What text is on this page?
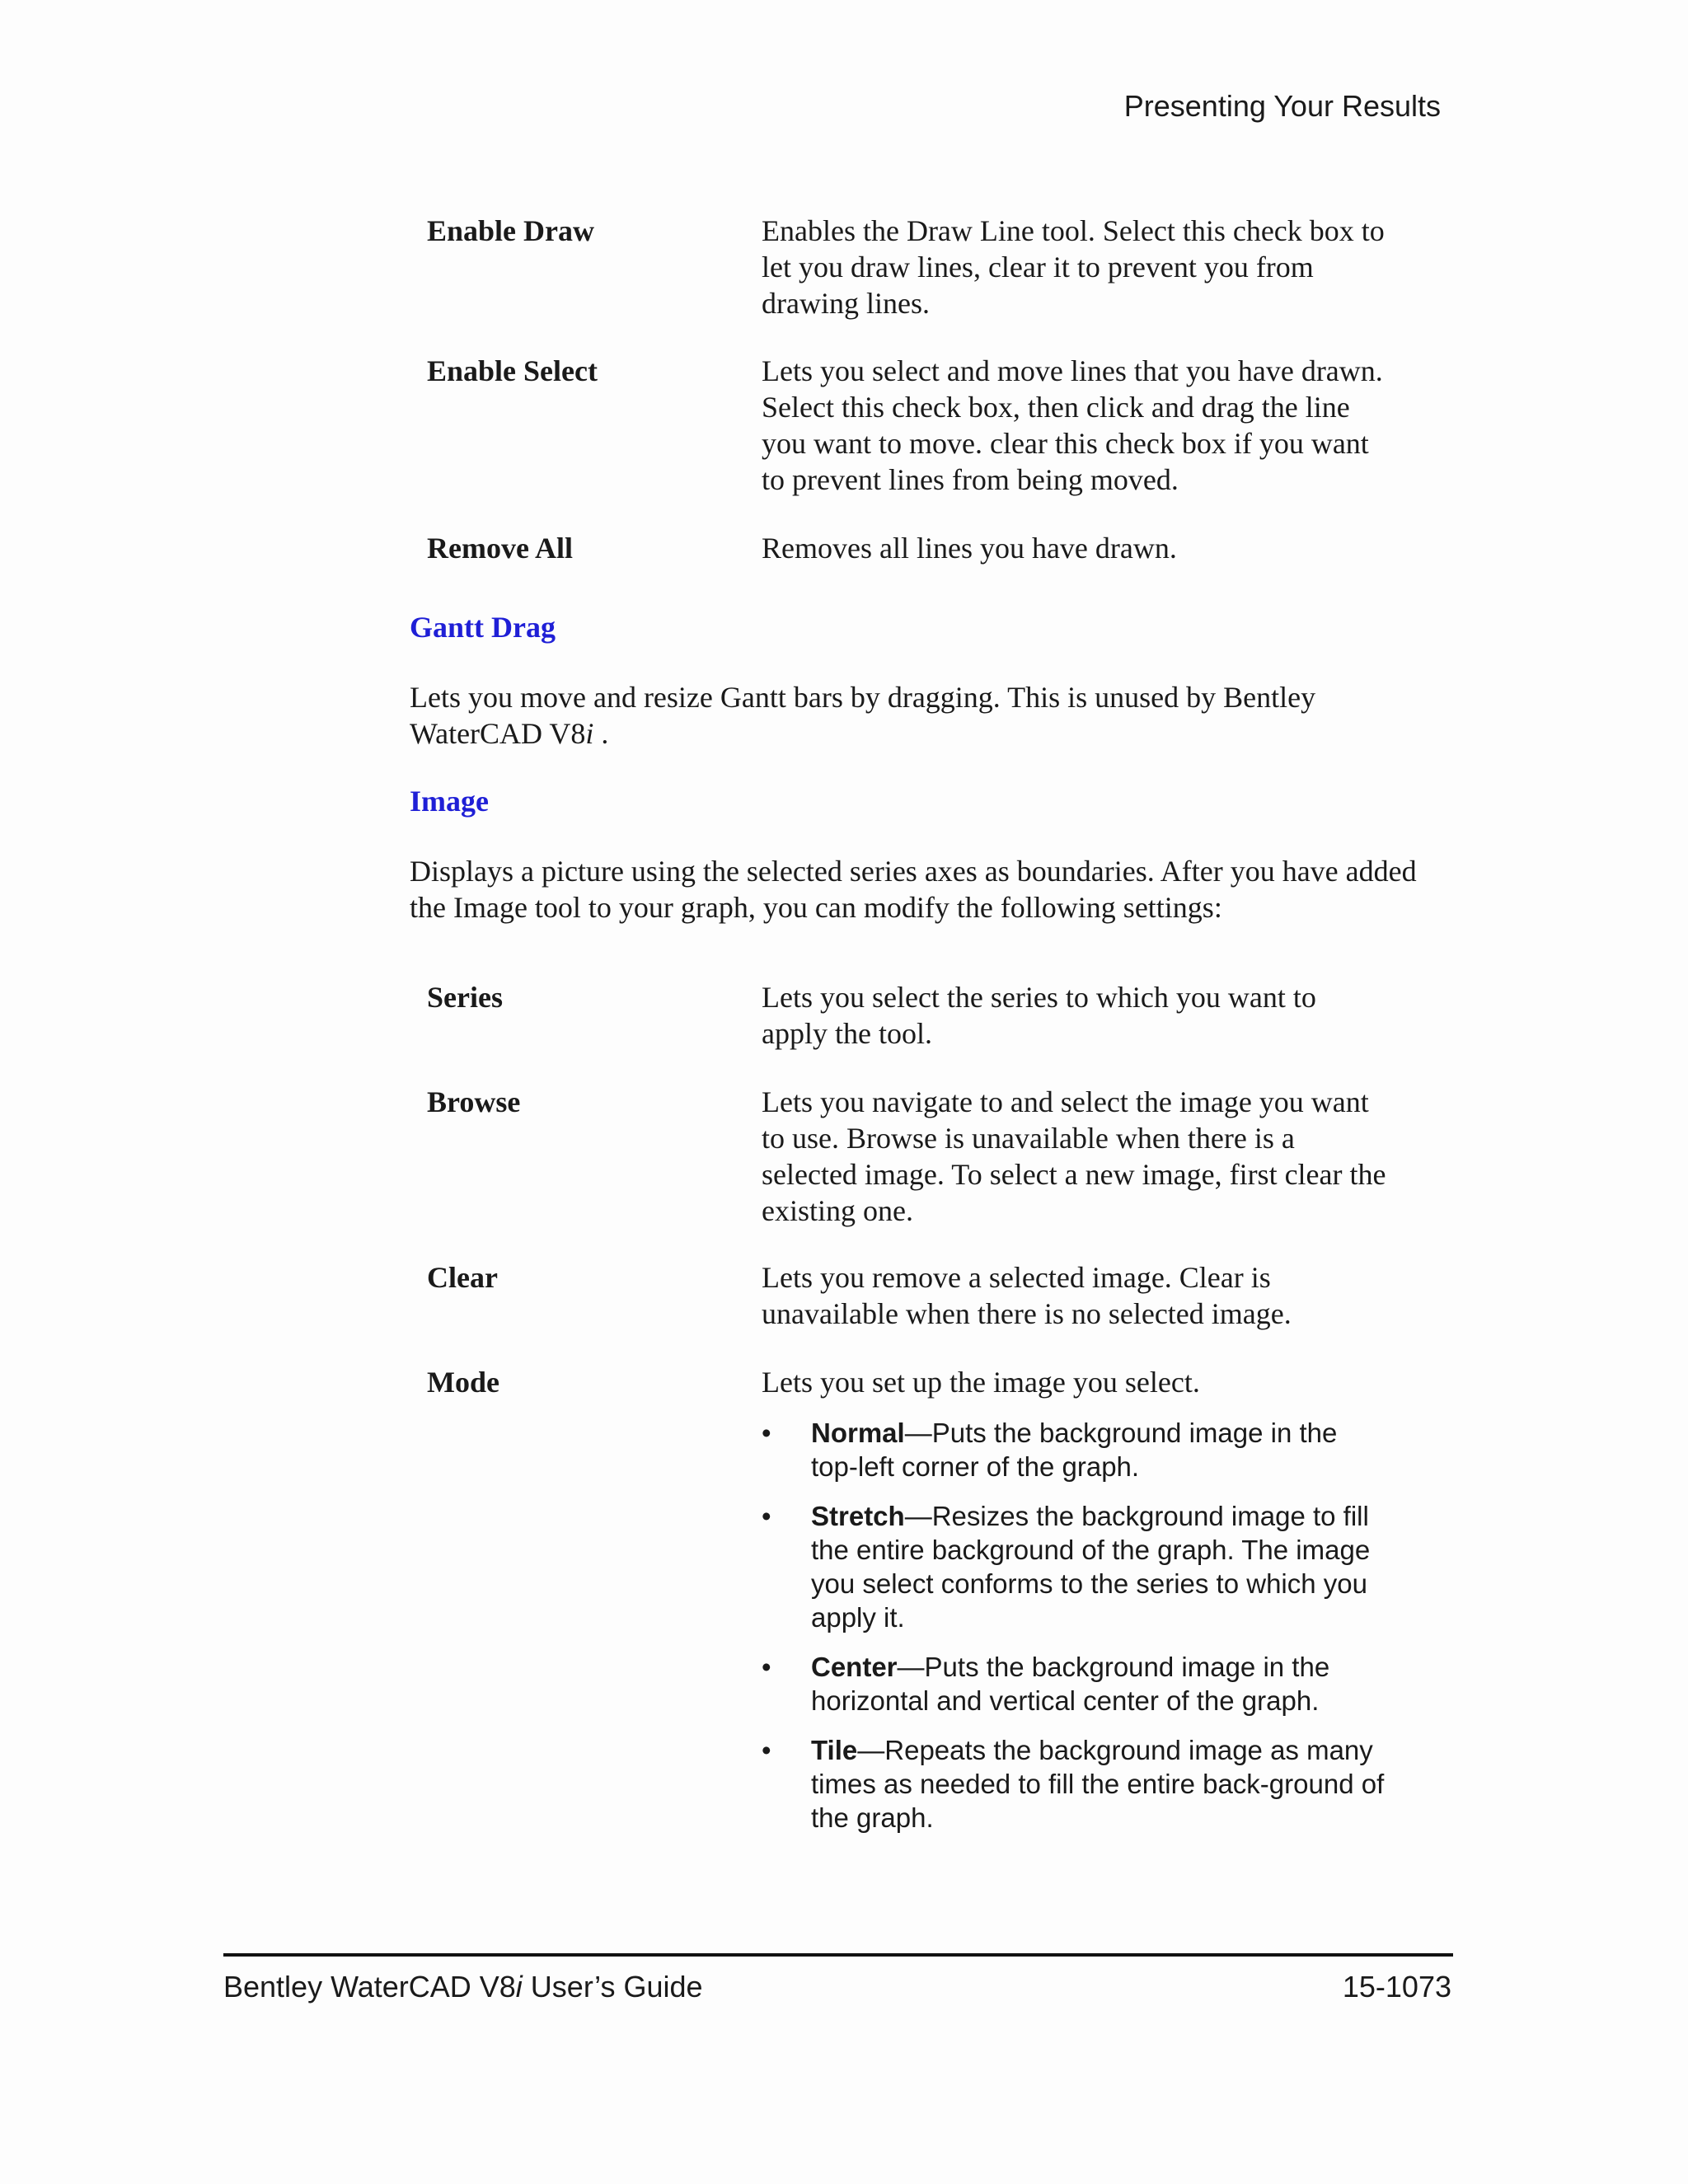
Presenting Your Results
Enable Draw	Enables the Draw Line tool. Select this check box to let you draw lines, clear it to prevent you from drawing lines.
Enable Select	Lets you select and move lines that you have drawn. Select this check box, then click and drag the line you want to move. clear this check box if you want to prevent lines from being moved.
Remove All	Removes all lines you have drawn.
Gantt Drag
Lets you move and resize Gantt bars by dragging. This is unused by Bentley WaterCAD V8i .
Image
Displays a picture using the selected series axes as boundaries. After you have added the Image tool to your graph, you can modify the following settings:
Series	Lets you select the series to which you want to apply the tool.
Browse	Lets you navigate to and select the image you want to use. Browse is unavailable when there is a selected image. To select a new image, first clear the existing one.
Clear	Lets you remove a selected image. Clear is unavailable when there is no selected image.
Mode	Lets you set up the image you select.
• Normal—Puts the background image in the top-left corner of the graph.
• Stretch—Resizes the background image to fill the entire background of the graph. The image you select conforms to the series to which you apply it.
• Center—Puts the background image in the horizontal and vertical center of the graph.
• Tile—Repeats the background image as many times as needed to fill the entire back-ground of the graph.
Bentley WaterCAD V8i User’s Guide	15-1073
